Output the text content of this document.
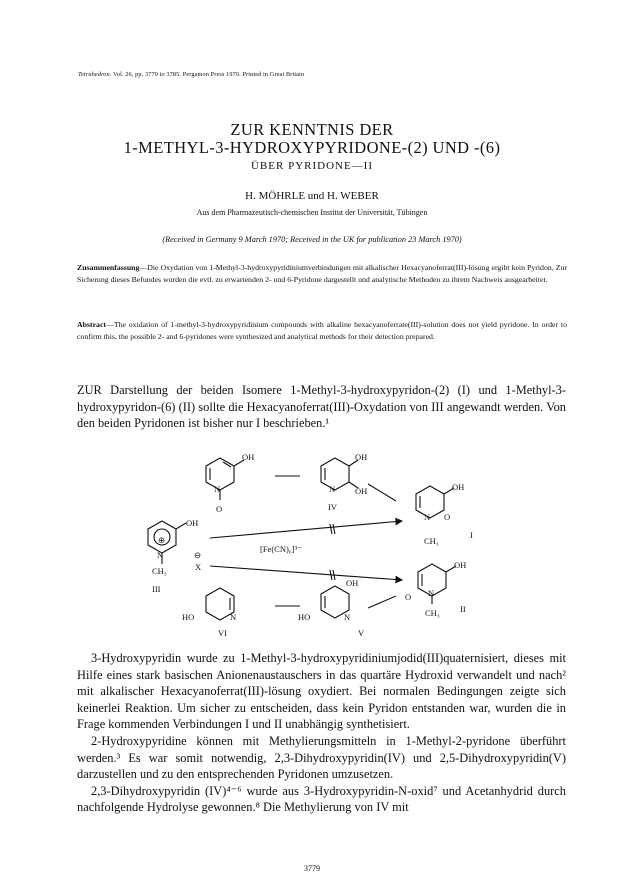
Tetrahedron. Vol. 26, pp. 3779 to 3785. Pergamon Press 1970. Printed in Great Britain
ZUR KENNTNIS DER
1-METHYL-3-HYDROXYPYRIDONE-(2) UND -(6)
ÜBER PYRIDONE—II
H. MÖHRLE und H. WEBER
Aus dem Pharmazeutisch-chemischen Institut der Universität, Tübingen
(Received in Germany 9 March 1970; Received in the UK for publication 23 March 1970)
Zusammenfassung—Die Oxydation von 1-Methyl-3-hydroxypyridiniumverbindungen mit alkalischer Hexacyanoferrat(III)-lösung ergibt kein Pyridon. Zur Sicherung dieses Befundes wurden die evtl. zu erwartenden 2- und 6-Pyridone dargestellt und analytische Methoden zu ihrem Nachweis ausgearbeitet.
Abstract—The oxidation of 1-methyl-3-hydroxypyridinium compounds with alkaline hexacyanoferrate(III)-solution does not yield pyridone. In order to confirm this, the possible 2- and 6-pyridones were synthesized and analytical methods for their detection prepared.

ZUR Darstellung der beiden Isomere 1-Methyl-3-hydroxypyridon-(2) (I) und 1-Methyl-3-hydroxypyridon-(6) (II) sollte die Hexacyanoferrat(III)-Oxydation von III angewandt werden. Von den beiden Pyridonen ist bisher nur I beschrieben.¹

OH
N
O
OH
N OH
IV
OH
N O
CH₃
I
OH
⊕
N
CH₃
⊖
X
III
[Fe(CN)₆]³⁻
OH
O N
CH₃ II
HO	N
VI
OH
HO	N
V

3-Hydroxypyridin wurde zu 1-Methyl-3-hydroxypyridiniumjodid(III)quaternisiert, dieses mit Hilfe eines stark basischen Anionenaustauschers in das quartäre Hydroxid verwandelt und nach² mit alkalischer Hexacyanoferrat(III)-lösung oxydiert. Bei normalen Bedingungen zeigte sich keinerlei Reaktion. Um sicher zu entscheiden, dass kein Pyridon entstanden war, wurden die in Frage kommenden Verbindungen I und II unabhängig synthetisiert.

2-Hydroxypyridine können mit Methylierungsmitteln in 1-Methyl-2-pyridone überführt werden.³ Es war somit notwendig, 2,3-Dihydroxypyridin(IV) und 2,5-Dihydroxypyridin(V) darzustellen und zu den entsprechenden Pyridonen umzusetzen.

2,3-Dihydroxypyridin (IV)⁴⁻⁶ wurde aus 3-Hydroxypyridin-N-oxid⁷ und Acetanhydrid durch nachfolgende Hydrolyse gewonnen.⁸ Die Methylierung von IV mit

3779
